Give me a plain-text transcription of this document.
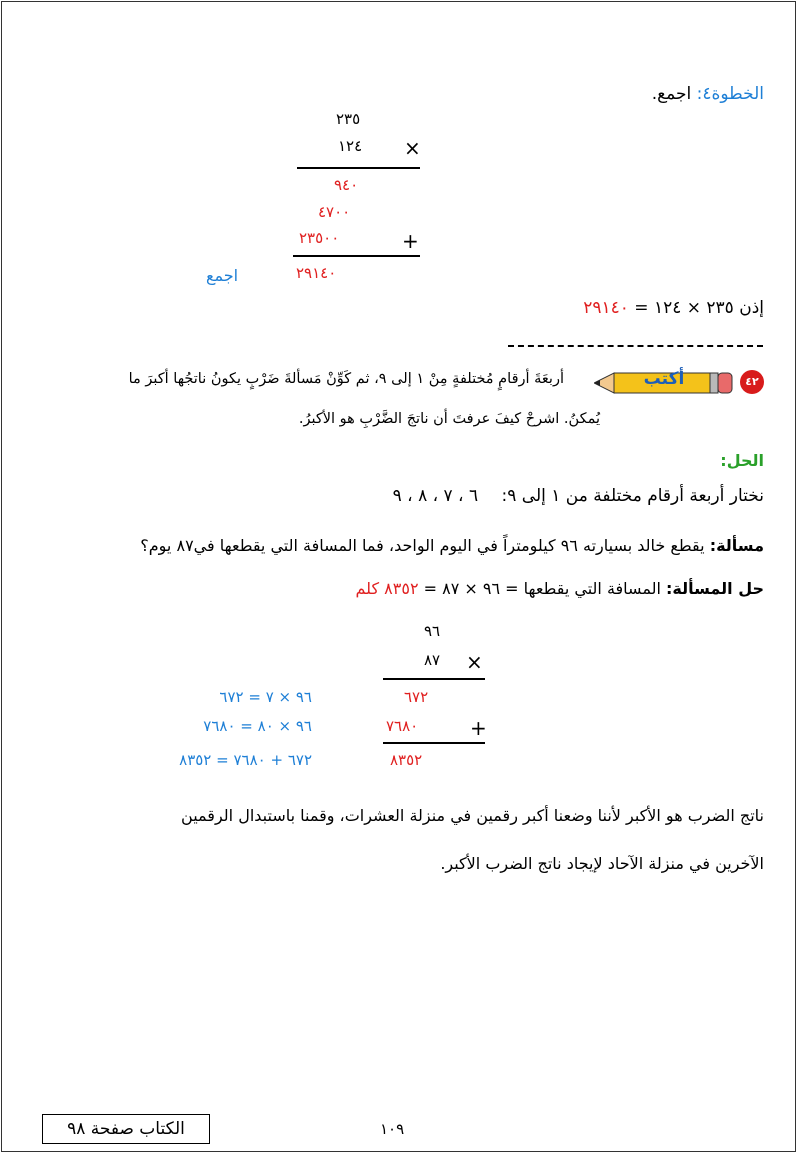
الخطوة٤: اجمع.
٢٣٥
×
١٢٤
٩٤٠
٤٧٠٠
٢٣٥٠٠	+
٢٩١٤٠
اجمع
إذن ٢٣٥ × ١٢٤ = ٢٩١٤٠
٤٢
أكتب
أربعَةَ أرقامٍ مُختلفةٍ مِنْ ١ إلى ٩، ثم كَوِّنْ مَسألةَ ضَرْبٍ يكونُ ناتجُها أكبرَ ما
يُمكنُ. اشرحْ كيفَ عرفتَ أن ناتجَ الضَّرْبِ هو الأكبرُ.
الحل:
نختار أربعة أرقام مختلفة من ١ إلى ٩: ٦ ، ٧ ، ٨ ، ٩
مسألة: يقطع خالد بسيارته ٩٦ كيلومتراً في اليوم الواحد، فما المسافة التي يقطعها في٨٧ يوم؟
حل المسألة: المسافة التي يقطعها = ٩٦ × ٨٧ = ٨٣٥٢ كلم
٩٦
×
٨٧
٦٧٢
٧٦٨٠	+
٨٣٥٢
٩٦ × ٧ = ٦٧٢
٩٦ × ٨٠ = ٧٦٨٠
٦٧٢ + ٧٦٨٠ = ٨٣٥٢
ناتج الضرب هو الأكبر لأننا وضعنا أكبر رقمين في منزلة العشرات، وقمنا باستبدال الرقمين
الآخرين في منزلة الآحاد لإيجاد ناتج الضرب الأكبر.
١٠٩
الكتاب صفحة ٩٨
